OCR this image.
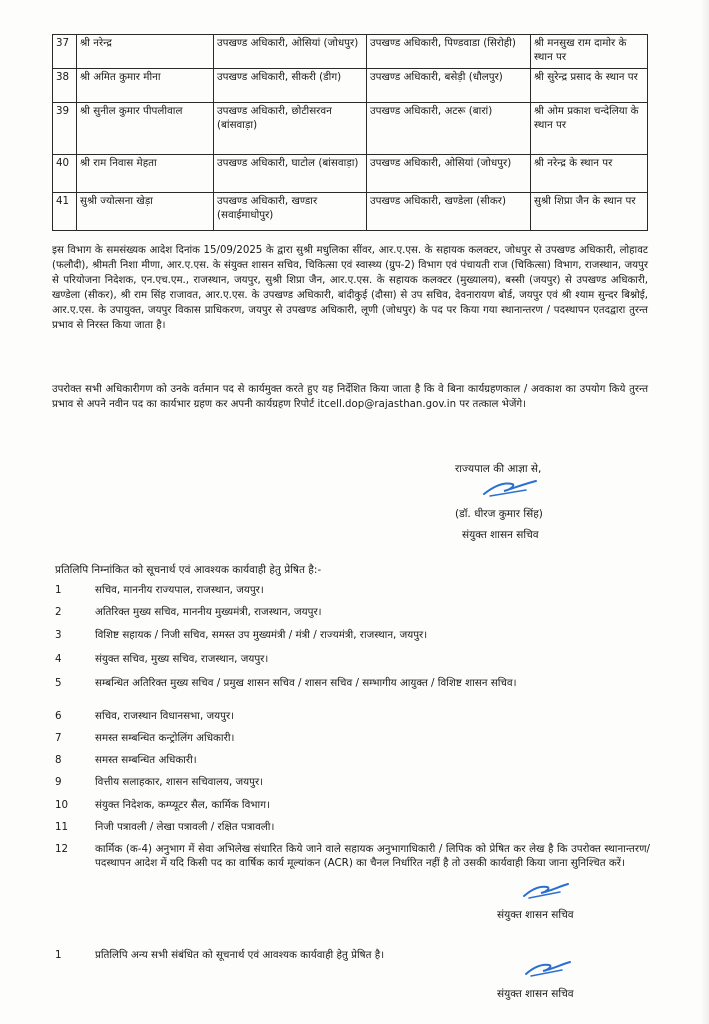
37	श्री नरेन्द्र	उपखण्ड अधिकारी, ओसियां (जोधपुर)	उपखण्ड अधिकारी, पिण्डवाडा (सिरोही)	श्री मनसुख राम दामोर के स्थान पर
38	श्री अमित कुमार मीना	उपखण्ड अधिकारी, सीकरी (डीग)	उपखण्ड अधिकारी, बसेड़ी (धौलपुर)	श्री सुरेन्द्र प्रसाद के स्थान पर
39	श्री सुनील कुमार पीपलीवाल	उपखण्ड अधिकारी, छोटीसरवन (बांसवाड़ा)	उपखण्ड अधिकारी, अटरू (बारां)	श्री ओम प्रकाश चन्देलिया के स्थान पर
40	श्री राम निवास मेहता	उपखण्ड अधिकारी, घाटोल (बांसवाड़ा)	उपखण्ड अधिकारी, ओसियां (जोधपुर)	श्री नरेन्द्र के स्थान पर
41	सुश्री ज्योत्सना खेड़ा	उपखण्ड अधिकारी, खण्डार (सवाईमाधोपुर)	उपखण्ड अधिकारी, खण्डेला (सीकर)	सुश्री शिप्रा जैन के स्थान पर

इस विभाग के समसंख्यक आदेश दिनांक 15/09/2025 के द्वारा सुश्री मधुलिका सींवर, आर.ए.एस. के सहायक कलक्टर, जोधपुर से उपखण्ड अधिकारी, लोहावट (फलौदी), श्रीमती निशा मीणा, आर.ए.एस. के संयुक्त शासन सचिव, चिकित्सा एवं स्वास्थ्य (ग्रुप-2) विभाग एवं पंचायती राज (चिकित्सा) विभाग, राजस्थान, जयपुर से परियोजना निदेशक, एन.एच.एम., राजस्थान, जयपुर, सुश्री शिप्रा जैन, आर.ए.एस. के सहायक कलक्टर (मुख्यालय), बस्सी (जयपुर) से उपखण्ड अधिकारी, खण्डेला (सीकर), श्री राम सिंह राजावत, आर.ए.एस. के उपखण्ड अधिकारी, बांदीकुई (दौसा) से उप सचिव, देवनारायण बोर्ड, जयपुर एवं श्री श्याम सुन्दर बिश्नोई, आर.ए.एस. के उपायुक्त, जयपुर विकास प्राधिकरण, जयपुर से उपखण्ड अधिकारी, लूणी (जोधपुर) के पद पर किया गया स्थानान्तरण / पदस्थापन एतदद्वारा तुरन्त प्रभाव से निरस्त किया जाता है।

उपरोक्त सभी अधिकारीगण को उनके वर्तमान पद से कार्यमुक्त करते हुए यह निर्देशित किया जाता है कि वे बिना कार्यग्रहणकाल / अवकाश का उपयोग किये तुरन्त प्रभाव से अपने नवीन पद का कार्यभार ग्रहण कर अपनी कार्यग्रहण रिपोर्ट itcell.dop@rajasthan.gov.in पर तत्काल भेजेंगे।

राज्यपाल की आज्ञा से,
(डॉ. धीरज कुमार सिंह)
संयुक्त शासन सचिव
प्रतिलिपि निम्नांकित को सूचनार्थ एवं आवश्यक कार्यवाही हेतु प्रेषित है:-
1	सचिव, माननीय राज्यपाल, राजस्थान, जयपुर।
2	अतिरिक्त मुख्य सचिव, माननीय मुख्यमंत्री, राजस्थान, जयपुर।
3	विशिष्ट सहायक / निजी सचिव, समस्त उप मुख्यमंत्री / मंत्री / राज्यमंत्री, राजस्थान, जयपुर।
4	संयुक्त सचिव, मुख्य सचिव, राजस्थान, जयपुर।
5	सम्बन्धित अतिरिक्त मुख्य सचिव / प्रमुख शासन सचिव / शासन सचिव / सम्भागीय आयुक्त / विशिष्ट शासन सचिव।
6	सचिव, राजस्थान विधानसभा, जयपुर।
7	समस्त सम्बन्धित कन्ट्रोलिंग अधिकारी।
8	समस्त सम्बन्धित अधिकारी।
9	वित्तीय सलाहकार, शासन सचिवालय, जयपुर।
10	संयुक्त निदेशक, कम्प्यूटर सैल, कार्मिक विभाग।
11	निजी पत्रावली / लेखा पत्रावली / रक्षित पत्रावली।
12	कार्मिक (क-4) अनुभाग में सेवा अभिलेख संधारित किये जाने वाले सहायक अनुभागाधिकारी / लिपिक को प्रेषित कर लेख है कि उपरोक्त स्थानान्तरण/पदस्थापन आदेश में यदि किसी पद का वार्षिक कार्य मूल्यांकन (ACR) का चैनल निर्धारित नहीं है तो उसकी कार्यवाही किया जाना सुनिश्चित करें।
संयुक्त शासन सचिव
1	प्रतिलिपि अन्य सभी संबंधित को सूचनार्थ एवं आवश्यक कार्यवाही हेतु प्रेषित है।
संयुक्त शासन सचिव
